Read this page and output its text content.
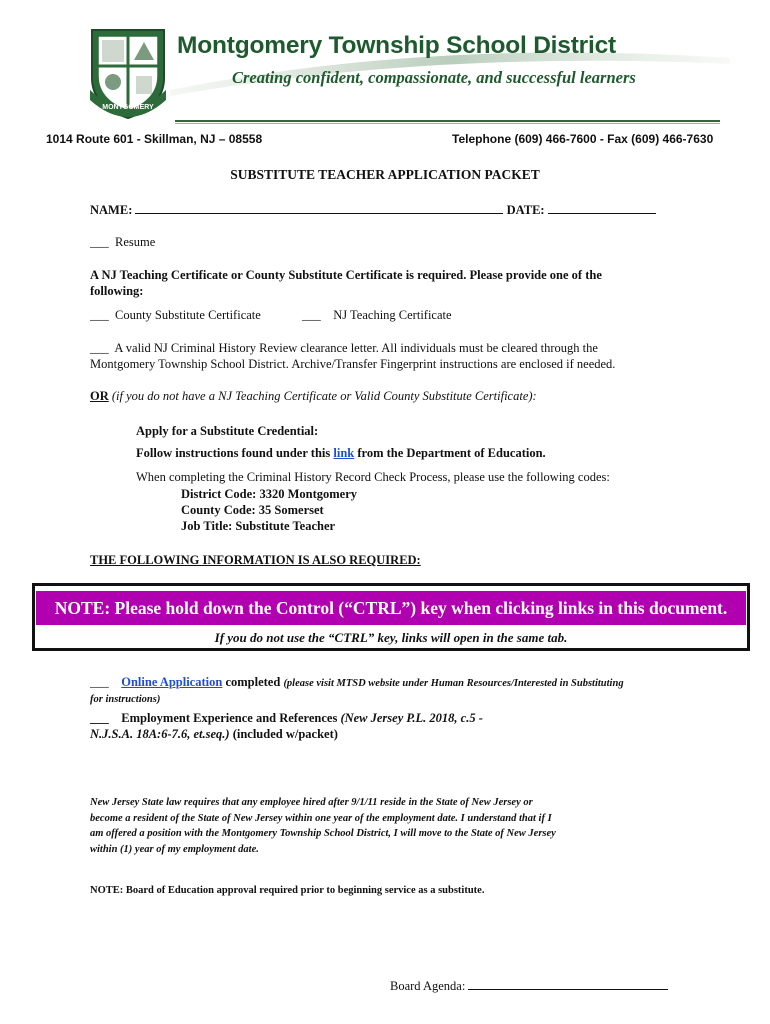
MONTGOMERY
Montgomery Township School District
Creating confident, compassionate, and successful learners
1014 Route 601 - Skillman, NJ – 08558	Telephone (609) 466-7600 - Fax (609) 466-7630
SUBSTITUTE TEACHER APPLICATION PACKET
NAME:	DATE:
___ Resume
A NJ Teaching Certificate or County Substitute Certificate is required. Please provide one of the
following:
___ County Substitute Certificate	___ NJ Teaching Certificate
___ A valid NJ Criminal History Review clearance letter. All individuals must be cleared through the
Montgomery Township School District. Archive/Transfer Fingerprint instructions are enclosed if needed.
OR (if you do not have a NJ Teaching Certificate or Valid County Substitute Certificate):
Apply for a Substitute Credential:
Follow instructions found under this link from the Department of Education.
When completing the Criminal History Record Check Process, please use the following codes:
District Code: 3320 Montgomery
County Code: 35 Somerset
Job Title: Substitute Teacher
THE FOLLOWING INFORMATION IS ALSO REQUIRED:
NOTE: Please hold down the Control (“CTRL”) key when clicking links in this document.
If you do not use the “CTRL” key, links will open in the same tab.
___ Online Application completed (please visit MTSD website under Human Resources/Interested in Substituting
for instructions)
___ Employment Experience and References (New Jersey P.L. 2018, c.5 -
N.J.S.A. 18A:6-7.6, et.seq.) (included w/packet)
New Jersey State law requires that any employee hired after 9/1/11 reside in the State of New Jersey or
become a resident of the State of New Jersey within one year of the employment date. I understand that if I
am offered a position with the Montgomery Township School District, I will move to the State of New Jersey
within (1) year of my employment date.
NOTE: Board of Education approval required prior to beginning service as a substitute.
Board Agenda:
